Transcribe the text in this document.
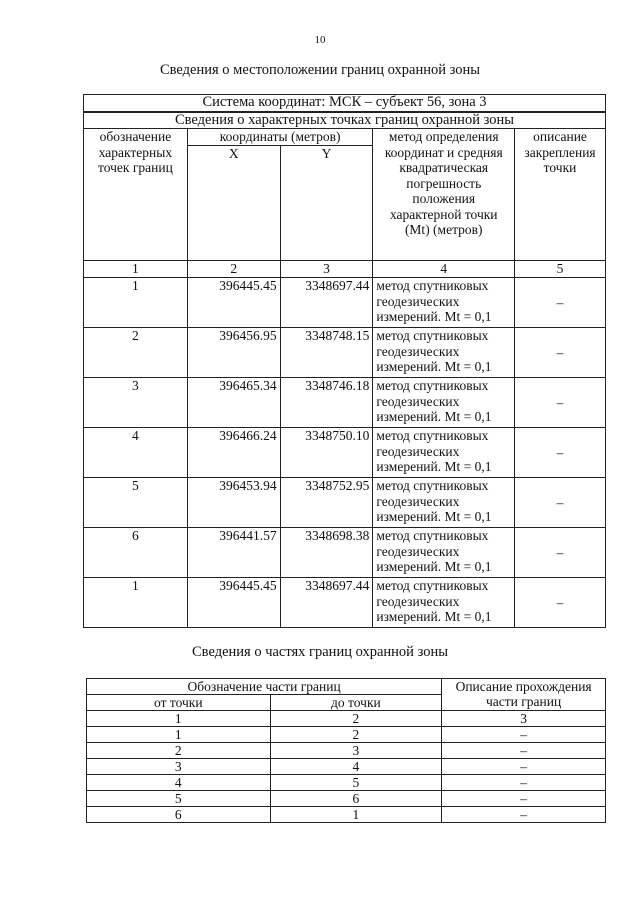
10
Сведения о местоположении границ охранной зоны
Система координат: МСК – субъект 56, зона 3				
Сведения о характерных точках границ охранной зоны				
обозначение характерных точек границ	координаты (метров)		метод определения координат и средняя квадратическая погрешность положения характерной точки (Mt) (метров)	описание закрепления точки
	X	Y		
1	2	3	4	5
1	396445.45	3348697.44	метод спутниковых геодезических измерений. Mt = 0,1	–
2	396456.95	3348748.15	метод спутниковых геодезических измерений. Mt = 0,1	–
3	396465.34	3348746.18	метод спутниковых геодезических измерений. Mt = 0,1	–
4	396466.24	3348750.10	метод спутниковых геодезических измерений. Mt = 0,1	–
5	396453.94	3348752.95	метод спутниковых геодезических измерений. Mt = 0,1	–
6	396441.57	3348698.38	метод спутниковых геодезических измерений. Mt = 0,1	–
1	396445.45	3348697.44	метод спутниковых геодезических измерений. Mt = 0,1	–
Сведения о частях границ охранной зоны
Обозначение части границ		Описание прохождения части границ
от точки	до точки	
1	2	3
1	2	–
2	3	–
3	4	–
4	5	–
5	6	–
6	1	–
